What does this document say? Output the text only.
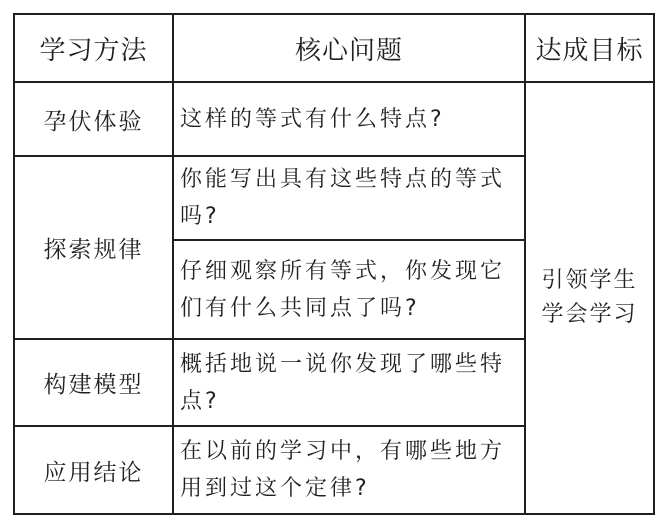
学习方法	核心问题	达成目标
孕伏体验	这样的等式有什么特点?	引领学生
学会学习

探索规律	你能写出具有这些特点的等式吗?	

	仔细观察所有等式，你发现它们有什么共同点了吗?	

构建模型	概括地说一说你发现了哪些特点?	

应用结论	在以前的学习中，有哪些地方用到过这个定律?	
